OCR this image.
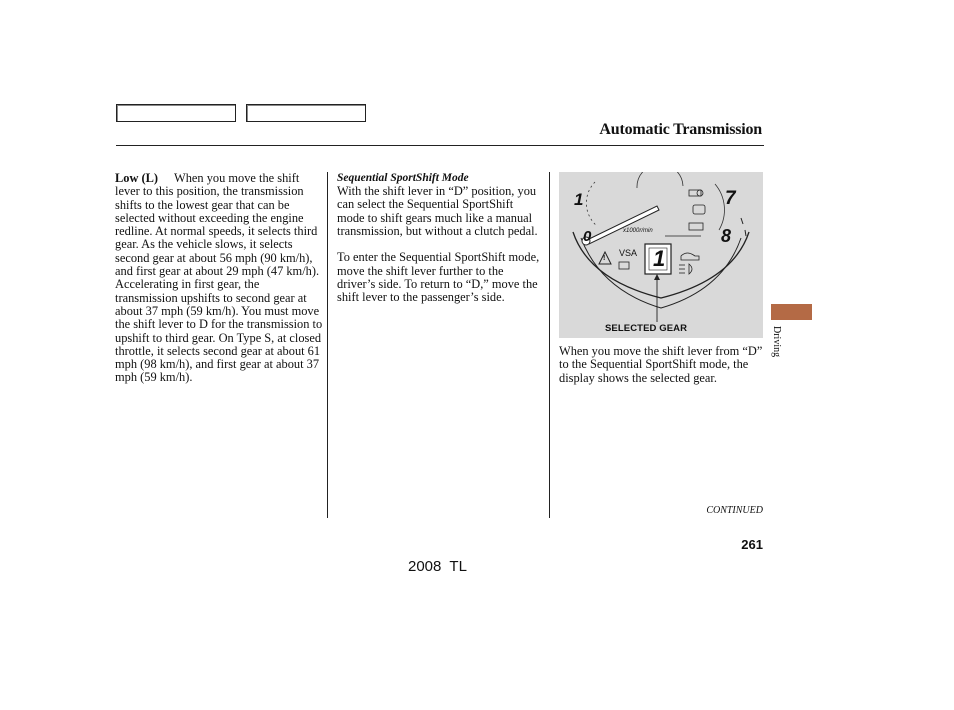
Automatic Transmission

Low (L) When you move the shift lever to this position, the transmission shifts to the lowest gear that can be selected without exceeding the engine redline. At normal speeds, it selects third gear. As the vehicle slows, it selects second gear at about 56 mph (90 km/h), and first gear at about 29 mph (47 km/h). Accelerating in first gear, the transmission upshifts to second gear at about 37 mph (59 km/h). You must move the shift lever to D for the transmission to upshift to third gear. On Type S, at closed throttle, it selects second gear at about 61 mph (98 km/h), and first gear at about 37 mph (59 km/h).

Sequential SportShift Mode

With the shift lever in “D” position, you can select the Sequential SportShift mode to shift gears much like a manual transmission, but without a clutch pedal.

To enter the Sequential SportShift mode, move the shift lever further to the driver’s side. To return to “D,” move the shift lever to the passenger’s side.

1	7
0	8
x1000r/min
VSA 1
!
SELECTED GEAR

When you move the shift lever from “D” to the Sequential SportShift mode, the display shows the selected gear.

Driving
CONTINUED
261
2008  TL
